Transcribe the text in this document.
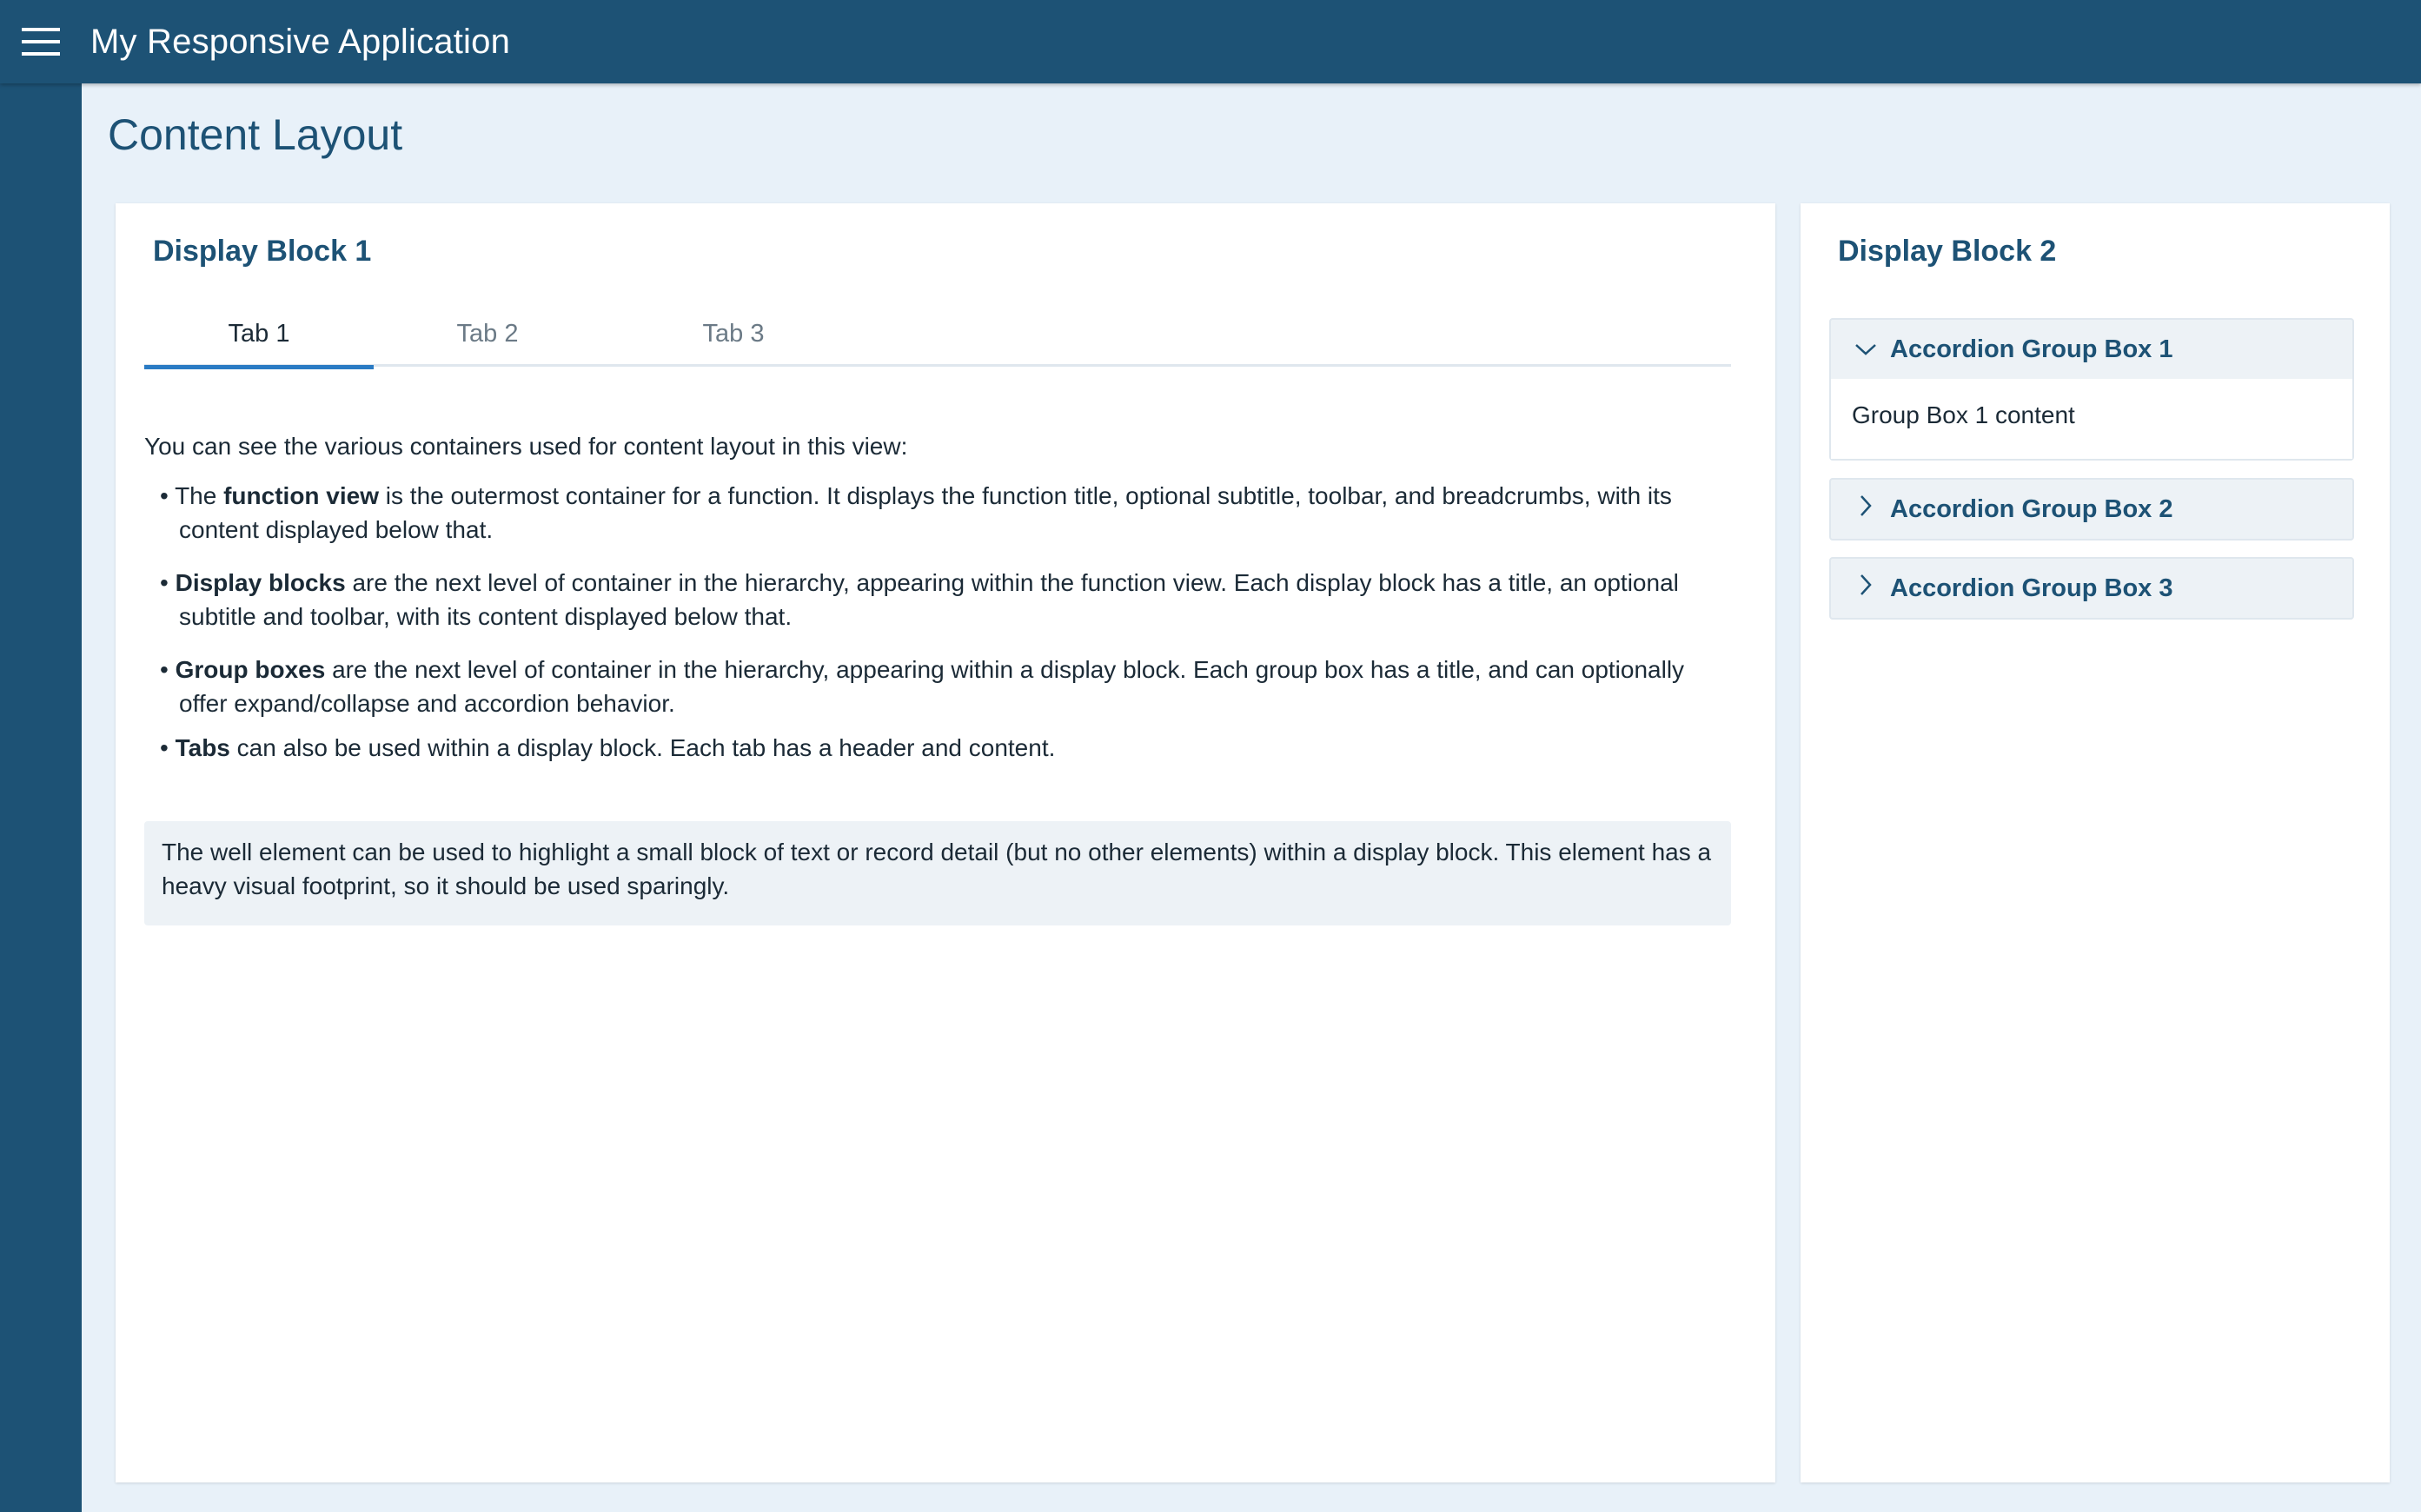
My Responsive Application
Content Layout
Display Block 1
Tab 1	Tab 2	Tab 3

You can see the various containers used for content layout in this view:

• The function view is the outermost container for a function. It displays the function title, optional subtitle, toolbar, and breadcrumbs, with its content displayed below that.

• Display blocks are the next level of container in the hierarchy, appearing within the function view. Each display block has a title, an optional subtitle and toolbar, with its content displayed below that.

• Group boxes are the next level of container in the hierarchy, appearing within a display block. Each group box has a title, and can optionally offer expand/collapse and accordion behavior.

• Tabs can also be used within a display block. Each tab has a header and content.

The well element can be used to highlight a small block of text or record detail (but no other elements) within a display block. This element has a heavy visual footprint, so it should be used sparingly.
Display Block 2
Accordion Group Box 1
Group Box 1 content
Accordion Group Box 2
Accordion Group Box 3
